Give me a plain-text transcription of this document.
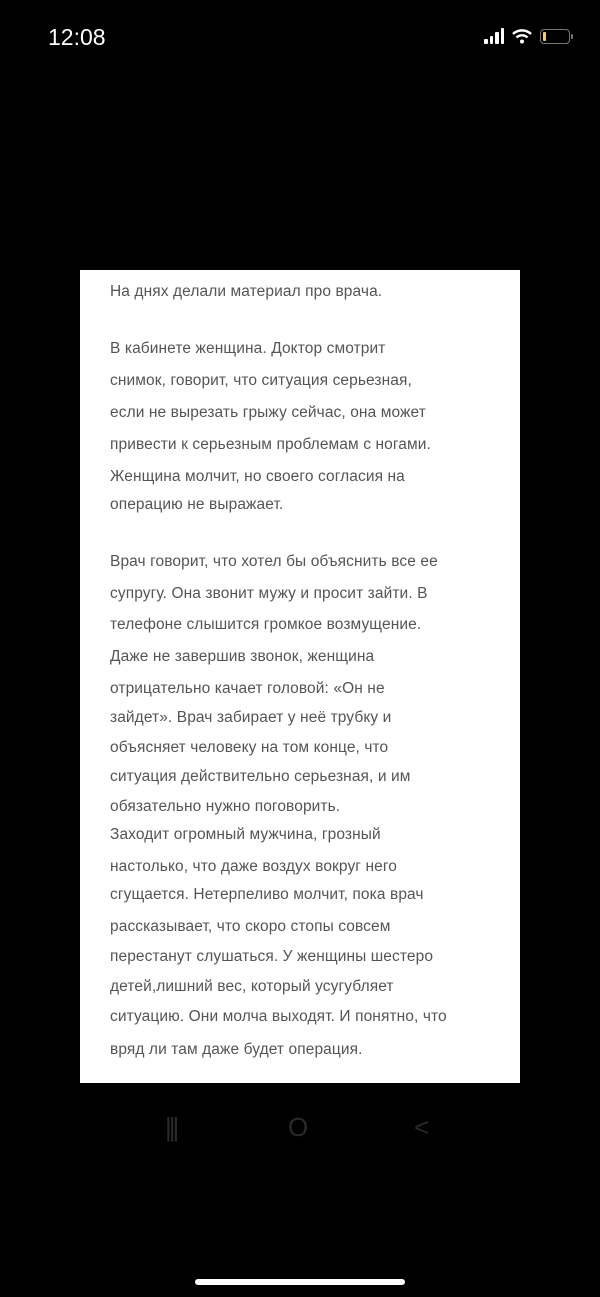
12:08
На днях делали материал про врача.
В кабинете женщина. Доктор смотрит
снимок, говорит, что ситуация серьезная,
если не вырезать грыжу сейчас, она может
привести к серьезным проблемам с ногами.
Женщина молчит, но своего согласия на
операцию не выражает.
Врач говорит, что хотел бы объяснить все ее
супругу. Она звонит мужу и просит зайти. В
телефоне слышится громкое возмущение.
Даже не завершив звонок, женщина
отрицательно качает головой: «Он не
зайдет». Врач забирает у неё трубку и
объясняет человеку на том конце, что
ситуация действительно серьезная, и им
обязательно нужно поговорить.
Заходит огромный мужчина, грозный
настолько, что даже воздух вокруг него
сгущается. Нетерпеливо молчит, пока врач
рассказывает, что скоро стопы совсем
перестанут слушаться. У женщины шестеро
детей,лишний вес, который усугубляет
ситуацию. Они молча выходят. И понятно, что
вряд ли там даже будет операция.
|||	O	<
